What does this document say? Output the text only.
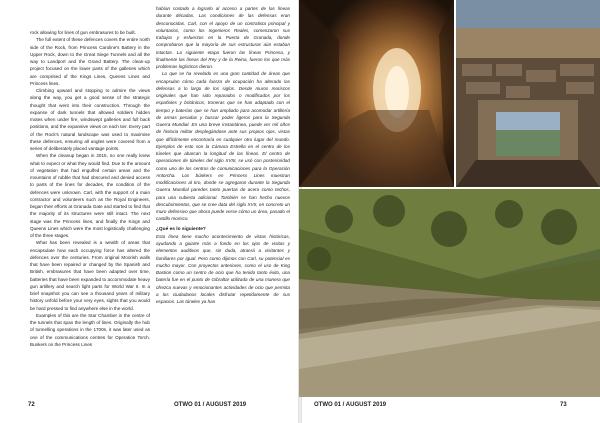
rock allowing for lines of gun embrasures to be built.

The full extent of these defences covers the entire north side of the Rock, from Princess Caroline's Battery in the Upper Rock, down to the Great Siege Tunnels and all the way to Landport and the Grand Battery. The clean-up project focused on the lower parts of the galleries which are comprised of the Kings Lines, Queens Lines and Princess lines.

Climbing upward and stopping to admire the views along the way, you get a good sense of the strategic thought that went into their construction. Through the expanse of dark tunnels that allowed soldiers hidden motes when under fire, windswept galleries and full back positions, and the expansive views on each tier. Every part of the Rock's natural landscape was used to maximise these defences, ensuring all angles were covered from a series of deliberately placed vantage points.

When the cleanup began in 2015, no one really knew what to expect or what they would find. Due to the amount of vegetation that had engulfed certain areas and the mountains of rubble that had obscured and denied access to parts of the lines for decades, the condition of the defences were unknown. Carl, with the support of a main contractor and volunteers such as the Royal Engineers, began their efforts at Granada Gate and started to find that the majority of its structures were still intact. The next stage was the Princess lines, and finally the Kings and Queens Lines which were the most logistically challenging of the three stages.

What has been revealed is a wealth of areas that encapsulate how each occupying force has altered the defences over the centuries. From original Moorish walls that have been repaired or changed by the Spanish and British, embrasures that have been adapted over time, batteries that have been expanded to accommodate heavy gun artillery and search light parts for World War II. In a brief snapshot you can see a thousand years of military history unfold before your very eyes, sights that you would be hard pressed to find anywhere else in the world.

Examples of this are the Star Chamber in the centre of the tunnels that span the length of lines. Originally the hub of tunnelling operations in the 1700s, it was later used as one of the communications centres for Operation Torch. Bunkers on the Princess Lines

habían costado a lograrlo al acceso a partes de las líneas durante décadas. Las condiciones de las defensas eran desconocidas. Carl, con el apoyo de un contratista principal y voluntarios, como los Ingenieros Reales, comenzaron sus trabajos y esfuerzos en la Puerta de Granada, donde comprobaron que la mayoría de sus estructuras aún estaban intactas. La siguiente etapa fueron las líneas Princesa, y finalmente las líneas del Rey y de la Reina, fueron los que más problemas logísticos dieron.

Lo que se ha revelado es una gran cantidad de áreas que encapsulan cómo cada fuerza de ocupación ha alterado las defensas a lo largo de los siglos. Desde muros moriscos originales que han sido reparados o modificados por los españoles y británicos, troneras que se han adaptado con el tiempo y baterías que se han ampliado para acomodar artillería de armas pesadas y buscar poder ligeros para la Segunda Guerra Mundial. En una breve instantánea, puede ver mil años de historia militar desplegándose ante sus propios ojos, vistas que difícilmente encontraría en cualquier otro lugar del mundo. Ejemplos de esto son la Cámara Estrella en el centro de los túneles que abarcan la longitud de las líneas. El centro de operaciones de túneles del siglo XVIII, se usó con posterioridad como uno de los centros de comunicaciones para la Operación Antorcha. Los búnkers en Princess Lines muestran modificaciones al tiro, donde se agregaron durante la Segunda Guerra Mundial paredes tanto puertas de acero como techos, para una cubierta adicional. También se han hecho nuevos descubrimientos, que se cree data del siglo XVII, en concreto un muro defensivo que ahora puede verse cómo un área, pasado el castillo morisco.

¿Qué es lo siguiente?

Esta línea tiene mucho acontecimiento de vistas históricas, ayudando a guiarte más a fondo en los ojos de visitas y elementos auditivos que, sin duda, atraerá a visitantes y familiares por igual. Pero como dijimos con Carl, su potencial es mucho mayor. Con proyectos anteriores, como el uso de King Bastion como un centro de ocio que ha tenido tanto éxito, una batería fue en el punto de Gibraltar utilizada de una manera que ofrezca nuevas y emocionantes actividades de ocio que permita a los ciudadanos locales disfrutar repetidamente de sus espacios. Las túneles ya han

72	OTWO 01 / AUGUST 2019	OTWO 01 / AUGUST 2019	73
